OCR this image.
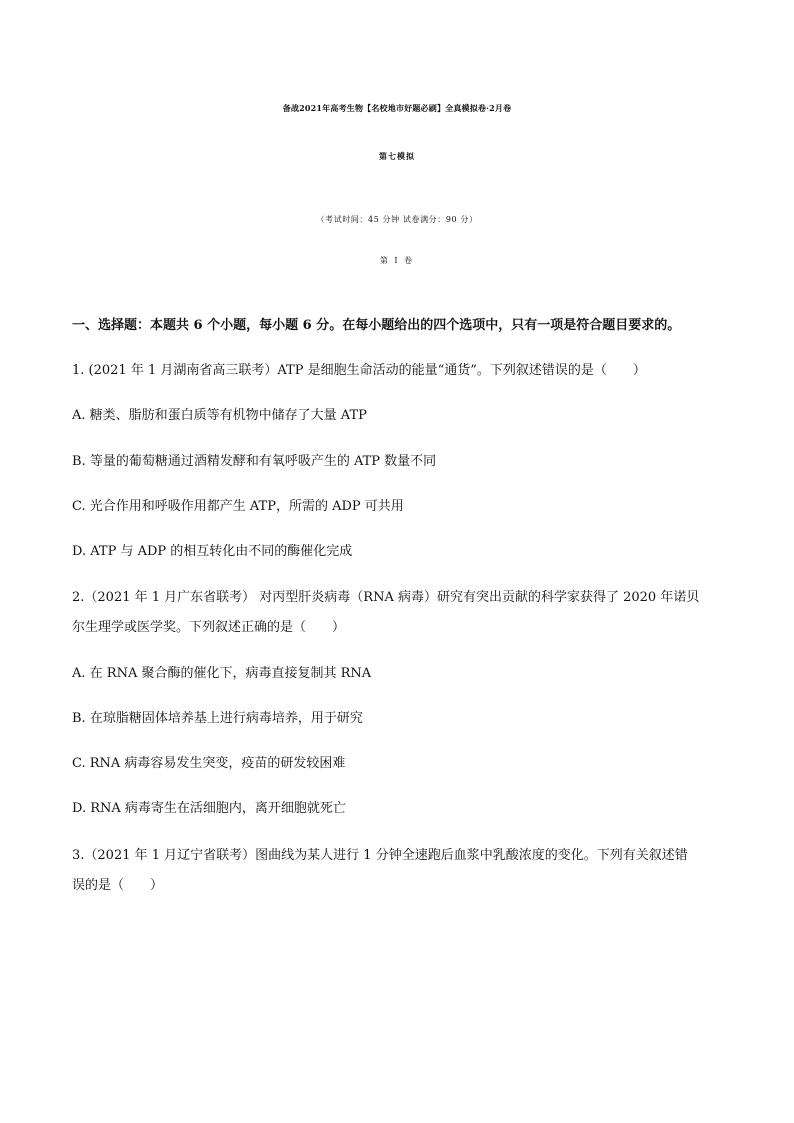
备战2021年高考生物【名校地市好题必刷】全真模拟卷·2月卷
第七模拟
（考试时间：45 分钟 试卷满分：90 分）
第 I 卷
一、选择题：本题共 6 个小题，每小题 6 分。在每小题给出的四个选项中，只有一项是符合题目要求的。
1. (2021 年 1 月湖南省高三联考）ATP 是细胞生命活动的能量“通货”。下列叙述错误的是（　　）
A. 糖类、脂肪和蛋白质等有机物中储存了大量 ATP
B. 等量的葡萄糖通过酒精发酵和有氧呼吸产生的 ATP 数量不同
C. 光合作用和呼吸作用都产生 ATP，所需的 ADP 可共用
D. ATP 与 ADP 的相互转化由不同的酶催化完成
2.（2021 年 1 月广东省联考） 对丙型肝炎病毒（RNA 病毒）研究有突出贡献的科学家获得了 2020 年诺贝
尔生理学或医学奖。下列叙述正确的是（　　）
A. 在 RNA 聚合酶的催化下，病毒直接复制其 RNA
B. 在琼脂糖固体培养基上进行病毒培养，用于研究
C. RNA 病毒容易发生突变，疫苗的研发较困难
D. RNA 病毒寄生在活细胞内，离开细胞就死亡
3.（2021 年 1 月辽宁省联考）图曲线为某人进行 1 分钟全速跑后血浆中乳酸浓度的变化。下列有关叙述错
误的是（　　）
